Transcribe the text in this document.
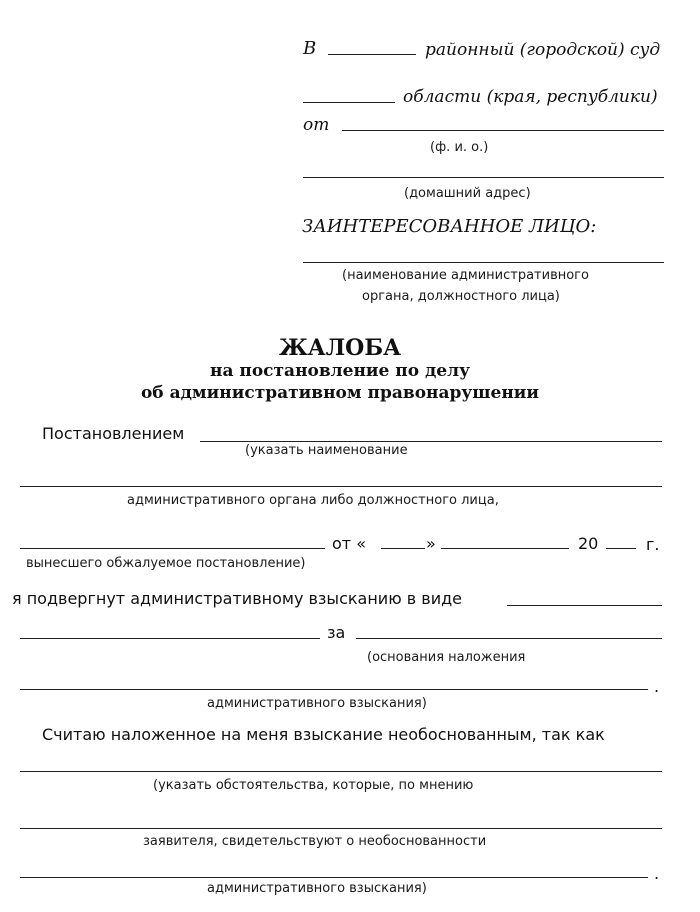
В	районный (городской) суд
области (края, республики)
от
(ф. и. о.)
(домашний адрес)
ЗАИНТЕРЕСОВАННОЕ ЛИЦО:
(наименование административного
органа, должностного лица)
ЖАЛОБА
на постановление по делу
об административном правонарушении
Постановлением
(указать наименование
административного органа либо должностного лица,
от «	»	20	г.
вынесшего обжалуемое постановление)
я подвергнут административному взысканию в виде
за
(основания наложения
.
административного взыскания)
Считаю наложенное на меня взыскание необоснованным, так как
(указать обстоятельства, которые, по мнению
заявителя, свидетельствуют о необоснованности
.
административного взыскания)
